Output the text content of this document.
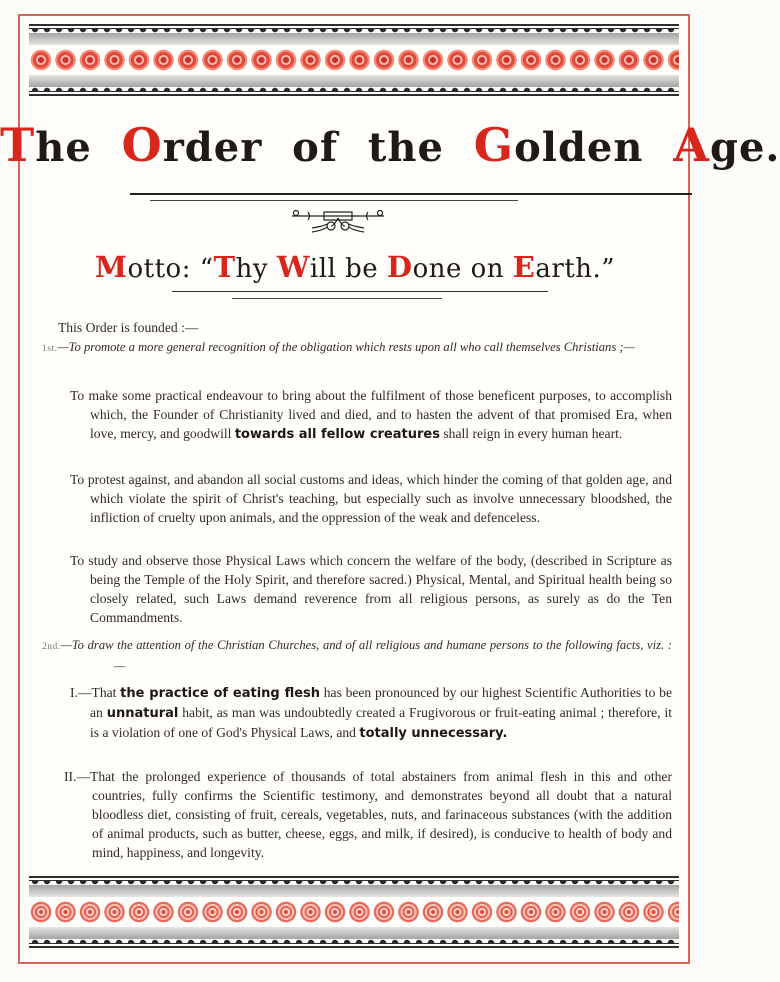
The Order of the Golden Age.
Motto: “Thy Will be Done on Earth.”
This Order is founded :—

1st.—To promote a more general recognition of the obligation which rests upon all who call themselves Christians ;—

To make some practical endeavour to bring about the fulfilment of those beneficent purposes, to accomplish which, the Founder of Christianity lived and died, and to hasten the advent of that promised Era, when love, mercy, and goodwill towards all fellow creatures shall reign in every human heart.

To protest against, and abandon all social customs and ideas, which hinder the coming of that golden age, and which violate the spirit of Christ's teaching, but especially such as involve unnecessary bloodshed, the infliction of cruelty upon animals, and the oppression of the weak and defenceless.

To study and observe those Physical Laws which concern the welfare of the body, (described in Scripture as being the Temple of the Holy Spirit, and therefore sacred.) Physical, Mental, and Spiritual health being so closely related, such Laws demand reverence from all religious persons, as surely as do the Ten Commandments.

2nd.—To draw the attention of the Christian Churches, and of all religious and humane persons to the following facts, viz. :—

I.—That the practice of eating flesh has been pronounced by our highest Scientific Authorities to be an unnatural habit, as man was undoubtedly created a Frugivorous or fruit-eating animal ; therefore, it is a violation of one of God's Physical Laws, and totally unnecessary.

II.—That the prolonged experience of thousands of total abstainers from animal flesh in this and other countries, fully confirms the Scientific testimony, and demonstrates beyond all doubt that a natural bloodless diet, consisting of fruit, cereals, vegetables, nuts, and farinaceous substances (with the addition of animal products, such as butter, cheese, eggs, and milk, if desired), is conducive to health of body and mind, happiness, and longevity.
